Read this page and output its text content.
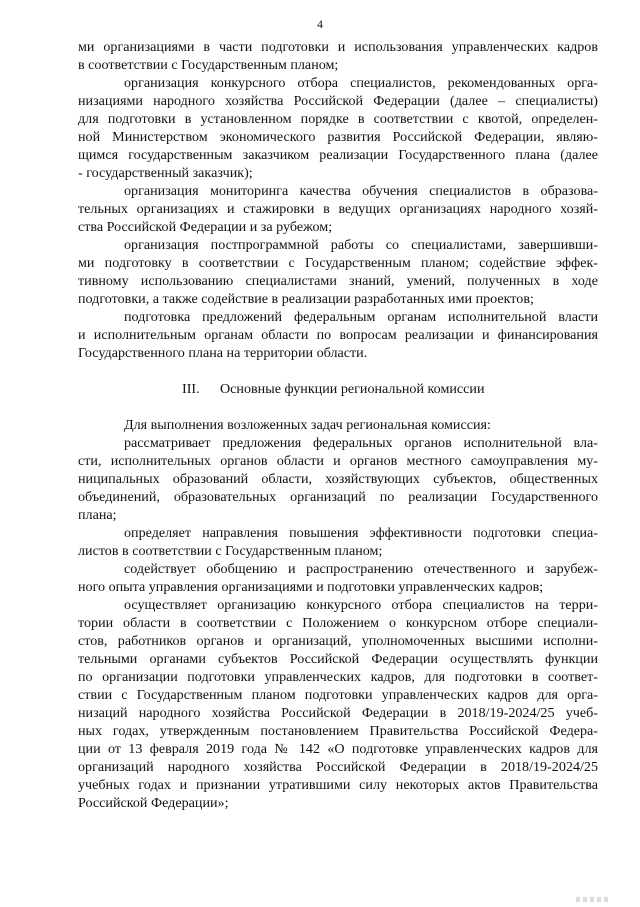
4
ми организациями в части подготовки и использования управленческих кадров
в соответствии с Государственным планом;
организация конкурсного отбора специалистов, рекомендованных орга-
низациями народного хозяйства Российской Федерации (далее – специалисты)
для подготовки в установленном порядке в соответствии с квотой, определен-
ной Министерством экономического развития Российской Федерации, являю-
щимся государственным заказчиком реализации Государственного плана (далее
- государственный заказчик);
организация мониторинга качества обучения специалистов в образова-
тельных организациях и стажировки в ведущих организациях народного хозяй-
ства Российской Федерации и за рубежом;
организация постпрограммной работы со специалистами, завершивши-
ми подготовку в соответствии с Государственным планом; содействие эффек-
тивному использованию специалистами знаний, умений, полученных в ходе
подготовки, а также содействие в реализации разработанных ими проектов;
подготовка предложений федеральным органам исполнительной власти
и исполнительным органам области по вопросам реализации и финансирования
Государственного плана на территории области.
III. Основные функции региональной комиссии
Для выполнения возложенных задач региональная комиссия:
рассматривает предложения федеральных органов исполнительной вла-
сти, исполнительных органов области и органов местного самоуправления му-
ниципальных образований области, хозяйствующих субъектов, общественных
объединений, образовательных организаций по реализации Государственного
плана;
определяет направления повышения эффективности подготовки специа-
листов в соответствии с Государственным планом;
содействует обобщению и распространению отечественного и зарубеж-
ного опыта управления организациями и подготовки управленческих кадров;
осуществляет организацию конкурсного отбора специалистов на терри-
тории области в соответствии с Положением о конкурсном отборе специали-
стов, работников органов и организаций, уполномоченных высшими исполни-
тельными органами субъектов Российской Федерации осуществлять функции
по организации подготовки управленческих кадров, для подготовки в соответ-
ствии с Государственным планом подготовки управленческих кадров для орга-
низаций народного хозяйства Российской Федерации в 2018/19-2024/25 учеб-
ных годах, утвержденным постановлением Правительства Российской Федера-
ции от 13 февраля 2019 года № 142 «О подготовке управленческих кадров для
организаций народного хозяйства Российской Федерации в 2018/19-2024/25
учебных годах и признании утратившими силу некоторых актов Правительства
Российской Федерации»;
